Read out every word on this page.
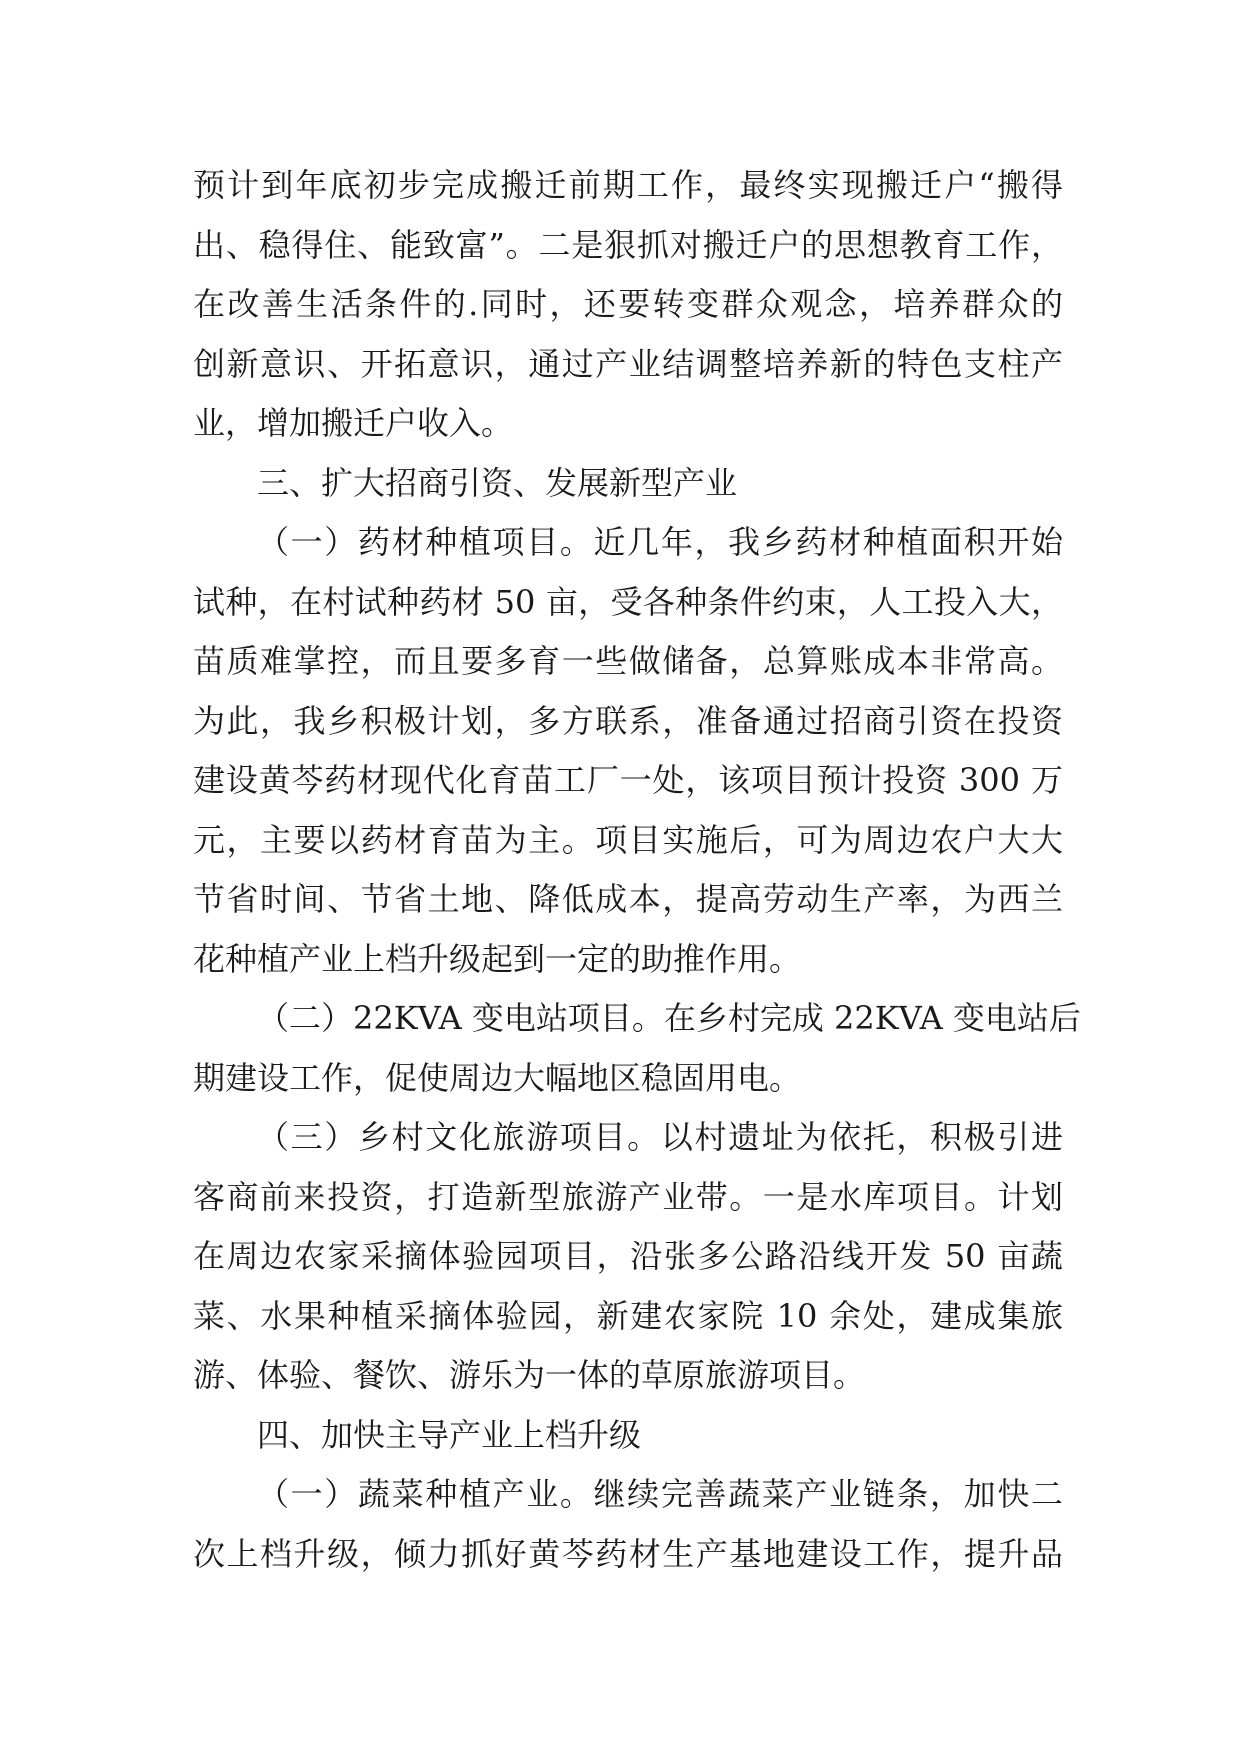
预计到年底初步完成搬迁前期工作，最终实现搬迁户“搬得
出、稳得住、能致富”。二是狠抓对搬迁户的思想教育工作，
在改善生活条件的.同时，还要转变群众观念，培养群众的
创新意识、开拓意识，通过产业结调整培养新的特色支柱产
业，增加搬迁户收入。
三、扩大招商引资、发展新型产业
（一）药材种植项目。近几年，我乡药材种植面积开始
试种，在村试种药材 50 亩，受各种条件约束，人工投入大，
苗质难掌控，而且要多育一些做储备，总算账成本非常高。
为此，我乡积极计划，多方联系，准备通过招商引资在投资
建设黄芩药材现代化育苗工厂一处，该项目预计投资 300 万
元，主要以药材育苗为主。项目实施后，可为周边农户大大
节省时间、节省土地、降低成本，提高劳动生产率，为西兰
花种植产业上档升级起到一定的助推作用。
（二）22KVA 变电站项目。在乡村完成 22KVA 变电站后
期建设工作，促使周边大幅地区稳固用电。
（三）乡村文化旅游项目。以村遗址为依托，积极引进
客商前来投资，打造新型旅游产业带。一是水库项目。计划
在周边农家采摘体验园项目，沿张多公路沿线开发 50 亩蔬
菜、水果种植采摘体验园，新建农家院 10 余处，建成集旅
游、体验、餐饮、游乐为一体的草原旅游项目。
四、加快主导产业上档升级
（一）蔬菜种植产业。继续完善蔬菜产业链条，加快二
次上档升级，倾力抓好黄芩药材生产基地建设工作，提升品
